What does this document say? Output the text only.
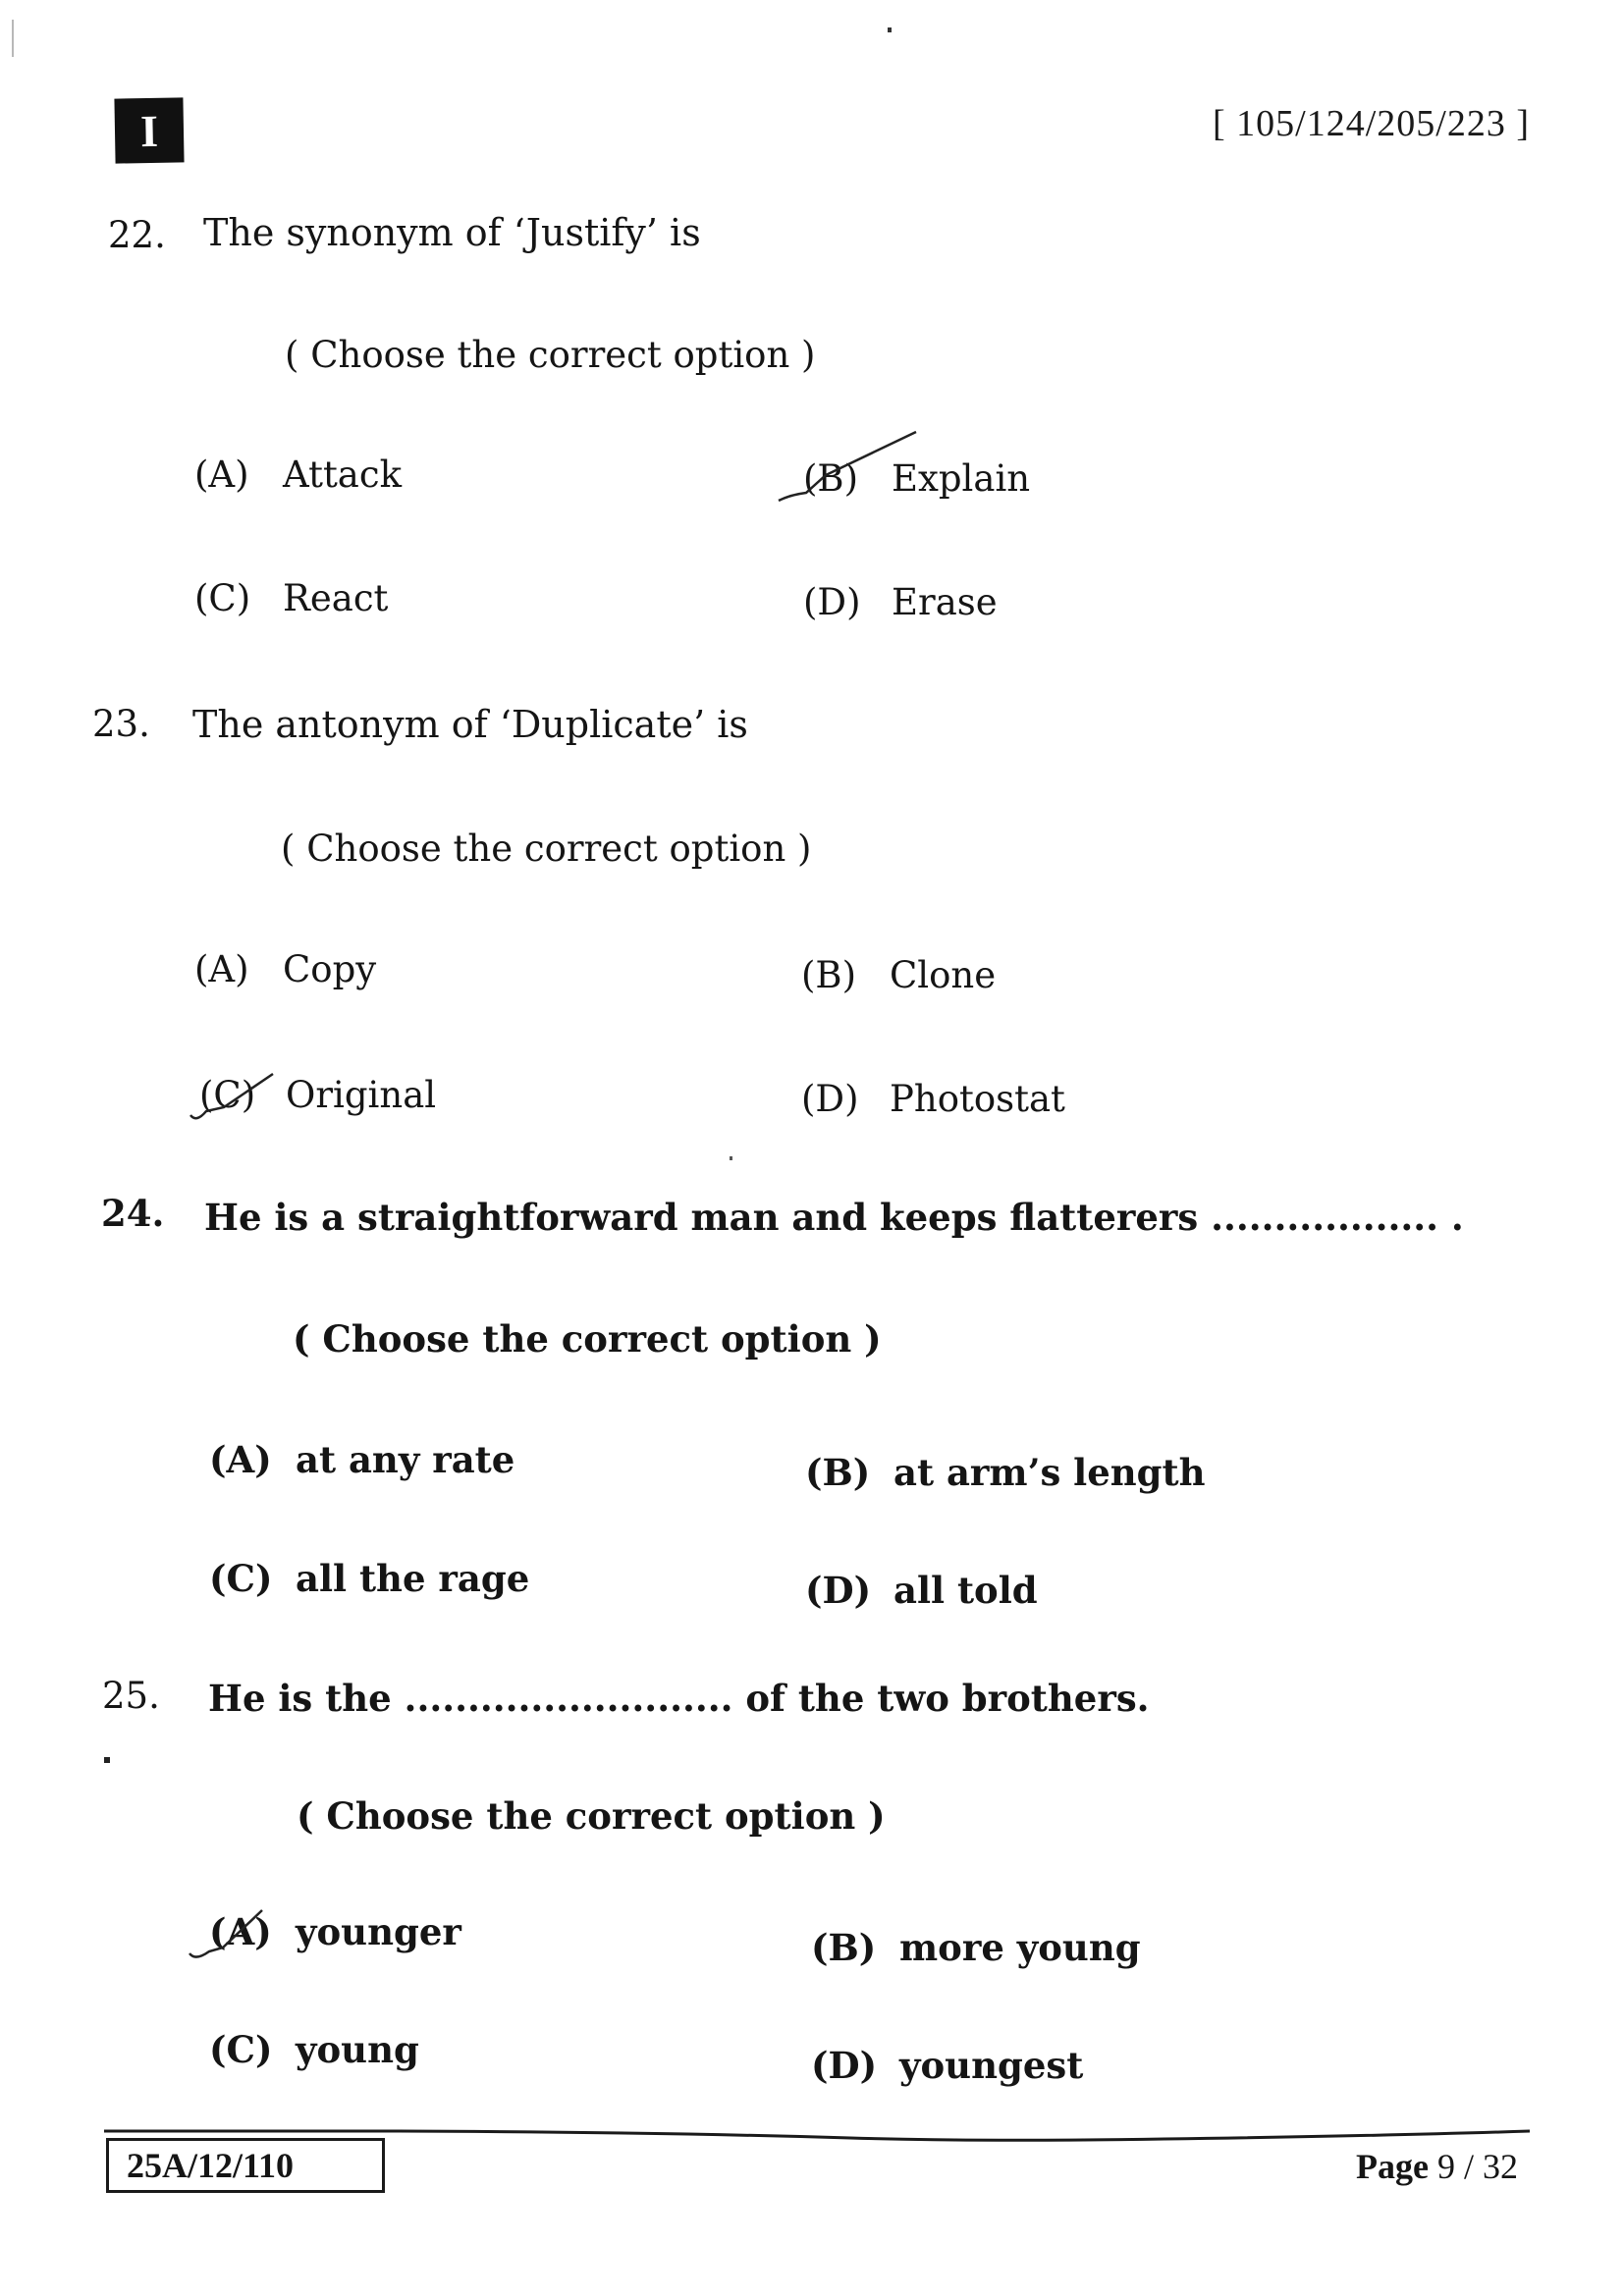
I	[ 105/124/205/223 ]
22. The synonym of ‘Justify’ is
( Choose the correct option )
(A) Attack	(B) Explain
(C) React	(D) Erase
23. The antonym of ‘Duplicate’ is
( Choose the correct option )
(A) Copy	(B) Clone
(C) Original	(D) Photostat
24. He is a straightforward man and keeps flatterers .................. .
( Choose the correct option )
(A) at any rate	(B) at arm’s length
(C) all the rage	(D) all told
25. He is the .......................... of the two brothers.
( Choose the correct option )
(A) younger	(B) more young
(C) young	(D) youngest
25A/12/110	Page 9 / 32
